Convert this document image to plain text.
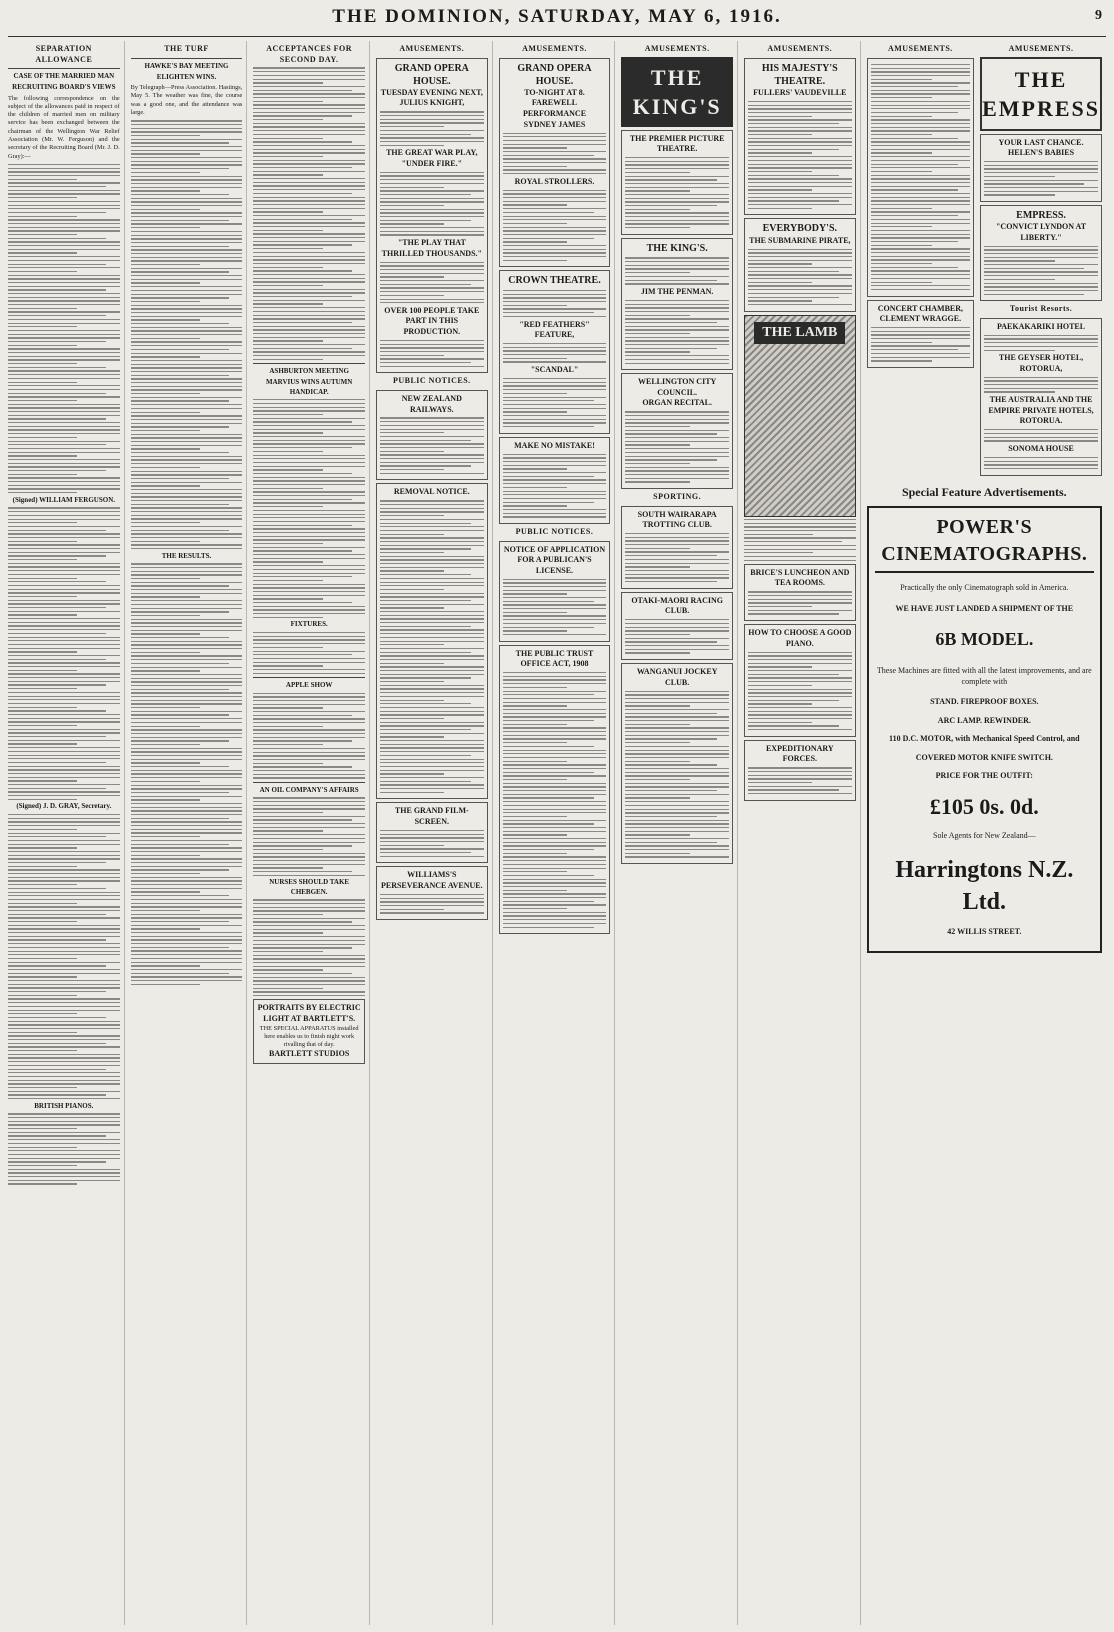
THE DOMINION, SATURDAY, MAY 6, 1916.	9
SEPARATION ALLOWANCE
CASE OF THE MARRIED MAN
RECRUITING BOARD'S VIEWS

The following correspondence on the subject of the allowances paid in respect of the children of married men on military service has been exchanged between the chairman of the Wellington War Relief Association (Mr. W. Ferguson) and the secretary of the Recruiting Board (Mr. J. D. Gray):—

(Signed) WILLIAM FERGUSON.
(Signed) J. D. GRAY, Secretary.
BRITISH PIANOS.
THE TURF
HAWKE'S BAY MEETING
ELIGHTEN WINS.

By Telegraph—Press Association. Hastings, May 5. The weather was fine, the course was a good one, and the attendance was large.

THE RESULTS.
ACCEPTANCES FOR SECOND DAY.
ASHBURTON MEETING
MARVIUS WINS AUTUMN HANDICAP.
FIXTURES.
APPLE SHOW
AN OIL COMPANY'S AFFAIRS
NURSES SHOULD TAKE CHEBGEN.
PORTRAITS BY ELECTRIC LIGHT AT BARTLETT'S.
THE SPECIAL APPARATUS installed here enables us to finish night work rivalling that of day.
BARTLETT STUDIOS
AMUSEMENTS.
GRAND OPERA HOUSE.
TUESDAY EVENING NEXT,
JULIUS KNIGHT,
THE GREAT WAR PLAY, "UNDER FIRE."
"THE PLAY THAT THRILLED THOUSANDS."
OVER 100 PEOPLE TAKE PART IN THIS PRODUCTION.
PUBLIC NOTICES.
NEW ZEALAND RAILWAYS.
REMOVAL NOTICE.
THE GRAND FILM-SCREEN.
WILLIAMS'S PERSEVERANCE AVENUE.
AMUSEMENTS.
GRAND OPERA HOUSE.
TO-NIGHT AT 8.
FAREWELL PERFORMANCE
SYDNEY JAMES
ROYAL STROLLERS.
CROWN THEATRE.
"RED FEATHERS" FEATURE,
"SCANDAL"
MAKE NO MISTAKE!
PUBLIC NOTICES.
NOTICE OF APPLICATION FOR A PUBLICAN'S LICENSE.
THE PUBLIC TRUST OFFICE ACT, 1908
AMUSEMENTS.
THE KING'S
THE PREMIER PICTURE THEATRE.
THE KING'S.
JIM THE PENMAN.
WELLINGTON CITY COUNCIL.
ORGAN RECITAL.
SPORTING.
SOUTH WAIRARAPA TROTTING CLUB.
OTAKI-MAORI RACING CLUB.
WANGANUI JOCKEY CLUB.
AMUSEMENTS.
HIS MAJESTY'S THEATRE.
FULLERS' VAUDEVILLE
EVERYBODY'S.
THE SUBMARINE PIRATE,
THE LAMB
BRICE'S LUNCHEON AND TEA ROOMS.
HOW TO CHOOSE A GOOD PIANO.
EXPEDITIONARY FORCES.
AMUSEMENTS.
CONCERT CHAMBER,
CLEMENT WRAGGE.
AMUSEMENTS.
THE EMPRESS
YOUR LAST CHANCE.
HELEN'S BABIES
EMPRESS.
"CONVICT LYNDON AT LIBERTY."
Tourist Resorts.
PAEKAKARIKI HOTEL
THE GEYSER HOTEL, ROTORUA,
THE AUSTRALIA AND THE EMPIRE PRIVATE HOTELS, ROTORUA.
SONOMA HOUSE
Special Feature Advertisements.
POWER'S CINEMATOGRAPHS.
Practically the only Cinematograph sold in America.
WE HAVE JUST LANDED A SHIPMENT OF THE
6B MODEL.
These Machines are fitted with all the latest improvements, and are complete with
STAND. FIREPROOF BOXES.
ARC LAMP. REWINDER.
110 D.C. MOTOR, with Mechanical Speed Control, and
COVERED MOTOR KNIFE SWITCH.
PRICE FOR THE OUTFIT:
£105 0s. 0d.
Sole Agents for New Zealand—
Harringtons N.Z. Ltd.
42 WILLIS STREET.
